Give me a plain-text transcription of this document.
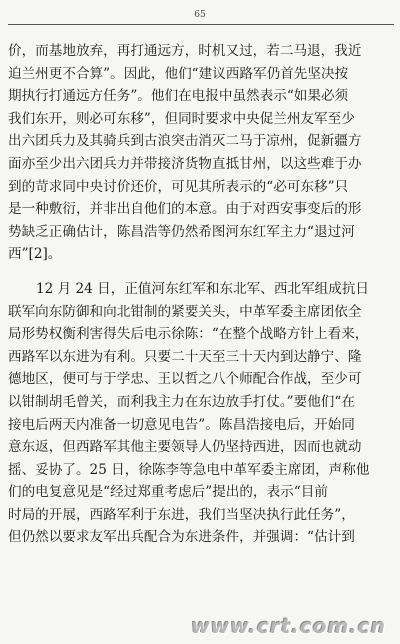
65
价，而基地放弃，再打通远方，时机又过，若二马退，我近
迫兰州更不合算”。因此，他们“建议西路军仍首先坚决按
期执行打通远方任务”。他们在电报中虽然表示“如果必须
我们东开，则必可东移”，但同时要求中央促兰州友军至少
出六团兵力及其骑兵到古浪突击消灭二马于凉州，促新疆方
面亦至少出六团兵力并带接济货物直抵甘州，以这些难于办
到的苛求同中央讨价还价，可见其所表示的“必可东移”只
是一种敷衍，并非出自他们的本意。由于对西安事变后的形
势缺乏正确估计，陈昌浩等仍然希图河东红军主力“退过河
西”[2]。
12 月 24 日，正值河东红军和东北军、西北军组成抗日
联军向东防御和向北钳制的紧要关头，中革军委主席团依全
局形势权衡利害得失后电示徐陈：“在整个战略方针上看来，
西路军以东进为有利。只要二十天至三十天内到达静宁、隆
德地区，便可与于学忠、王以哲之八个师配合作战，至少可
以钳制胡毛曾关，而利我主力在东边放手打仗。”要他们“在
接电后两天内准备一切意见电告”。陈昌浩接电后，开始同
意东返，但西路军其他主要领导人仍坚持西进，因而也就动
摇、妥协了。25 日，徐陈李等急电中革军委主席团，声称他
们的电复意见是“经过郑重考虑后”提出的，表示“目前
时局的开展，西路军利于东进，我们当坚决执行此任务”，
但仍然以要求友军出兵配合为东进条件，并强调：“估计到
www.crt.com.cn
